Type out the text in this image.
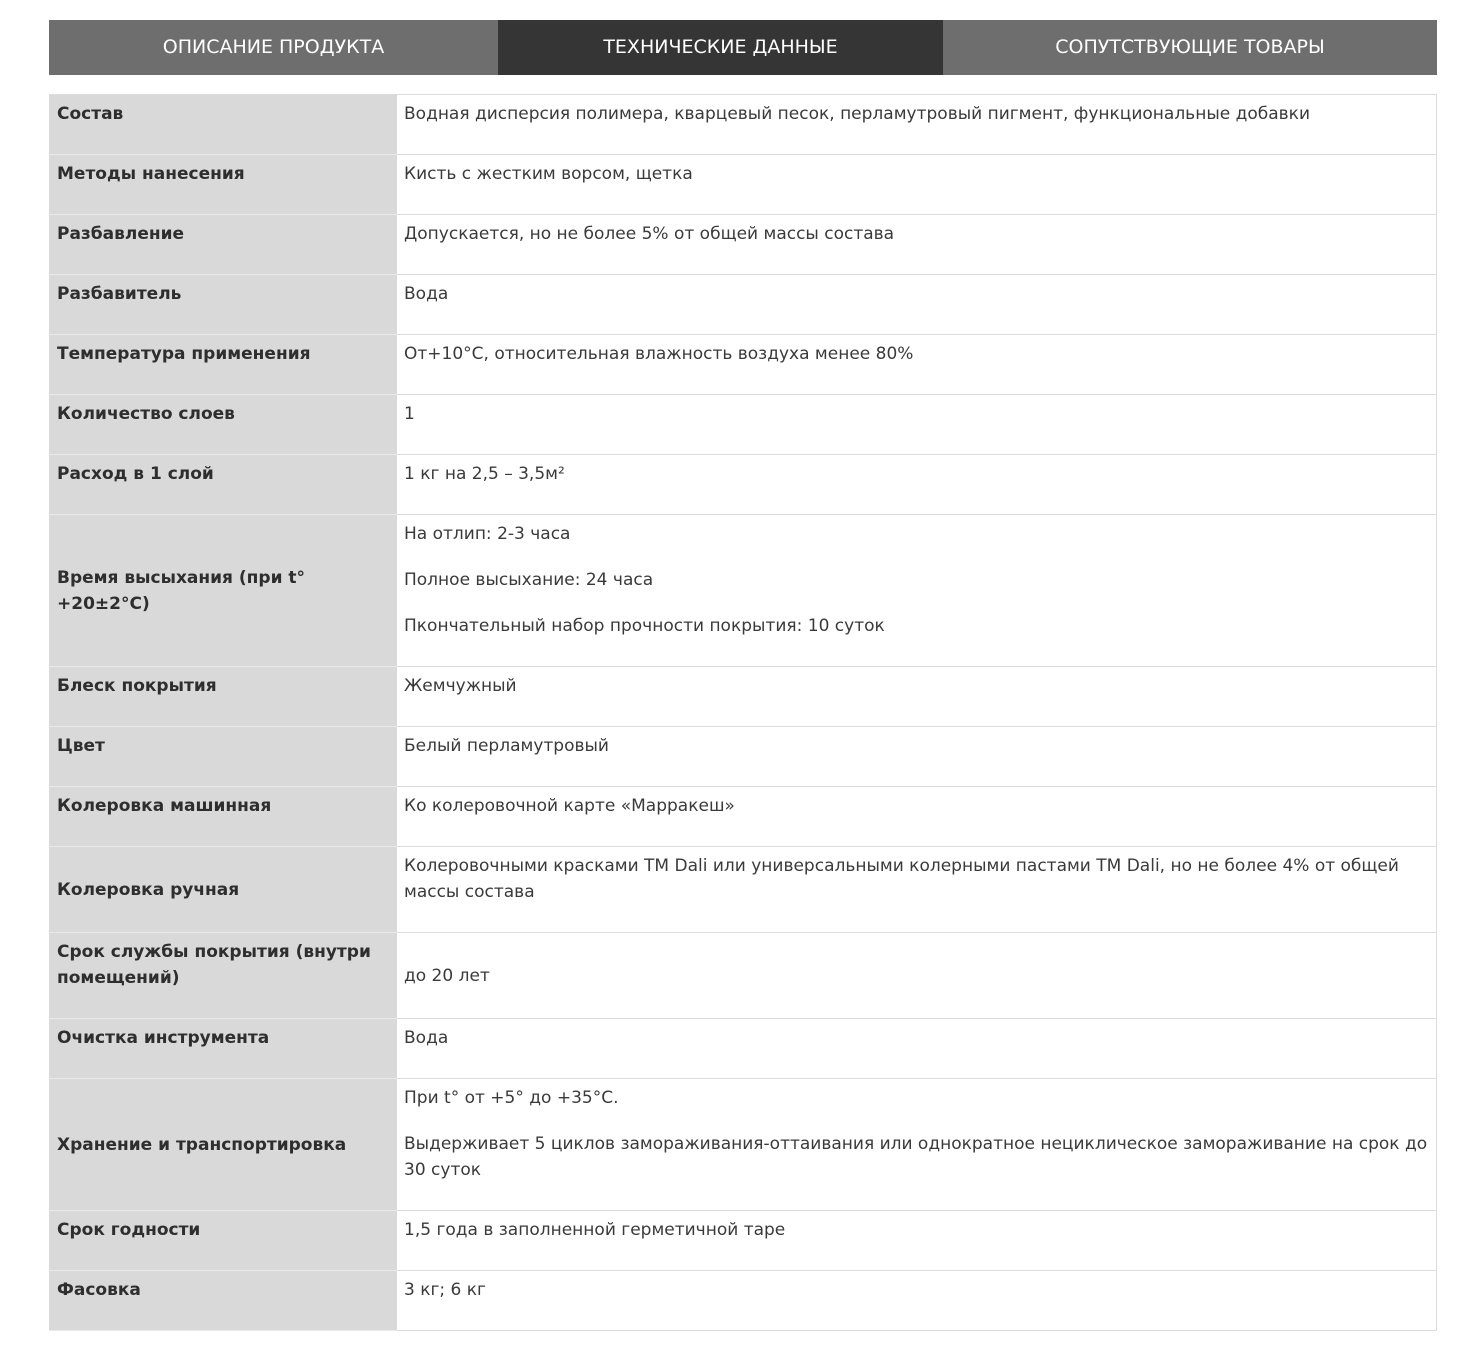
ОПИСАНИЕ ПРОДУКТА	ТЕХНИЧЕСКИЕ ДАННЫЕ	СОПУТСТВУЮЩИЕ ТОВАРЫ
Состав	Водная дисперсия полимера, кварцевый песок, перламутровый пигмент, функциональные добавки

Методы нанесения	Кисть с жестким ворсом, щетка

Разбавление	Допускается, но не более 5% от общей массы состава

Разбавитель	Вода

Температура применения	От+10°С, относительная влажность воздуха менее 80%

Количество слоев	1

Расход в 1 слой	1 кг на 2,5 – 3,5м²

Время высыхания (при t° +20±2°С)	На отлип: 2-3 часа

Полное высыхание: 24 часа

Пкончательный набор прочности покрытия: 10 суток

Блеск покрытия	Жемчужный

Цвет	Белый перламутровый

Колеровка машинная	Ко колеровочной карте «Марракеш»

Колеровка ручная	Колеровочными красками ТМ Dali или универсальными колерными пастами ТМ Dali, но не более 4% от общей массы состава

Срок службы покрытия (внутри помещений)	до 20 лет

Очистка инструмента	Вода

Хранение и транспортировка	При t° от +5° до +35°С.

Выдерживает 5 циклов замораживания-оттаивания или однократное нециклическое замораживание на срок до 30 суток

Срок годности	1,5 года в заполненной герметичной таре

Фасовка	3 кг; 6 кг
